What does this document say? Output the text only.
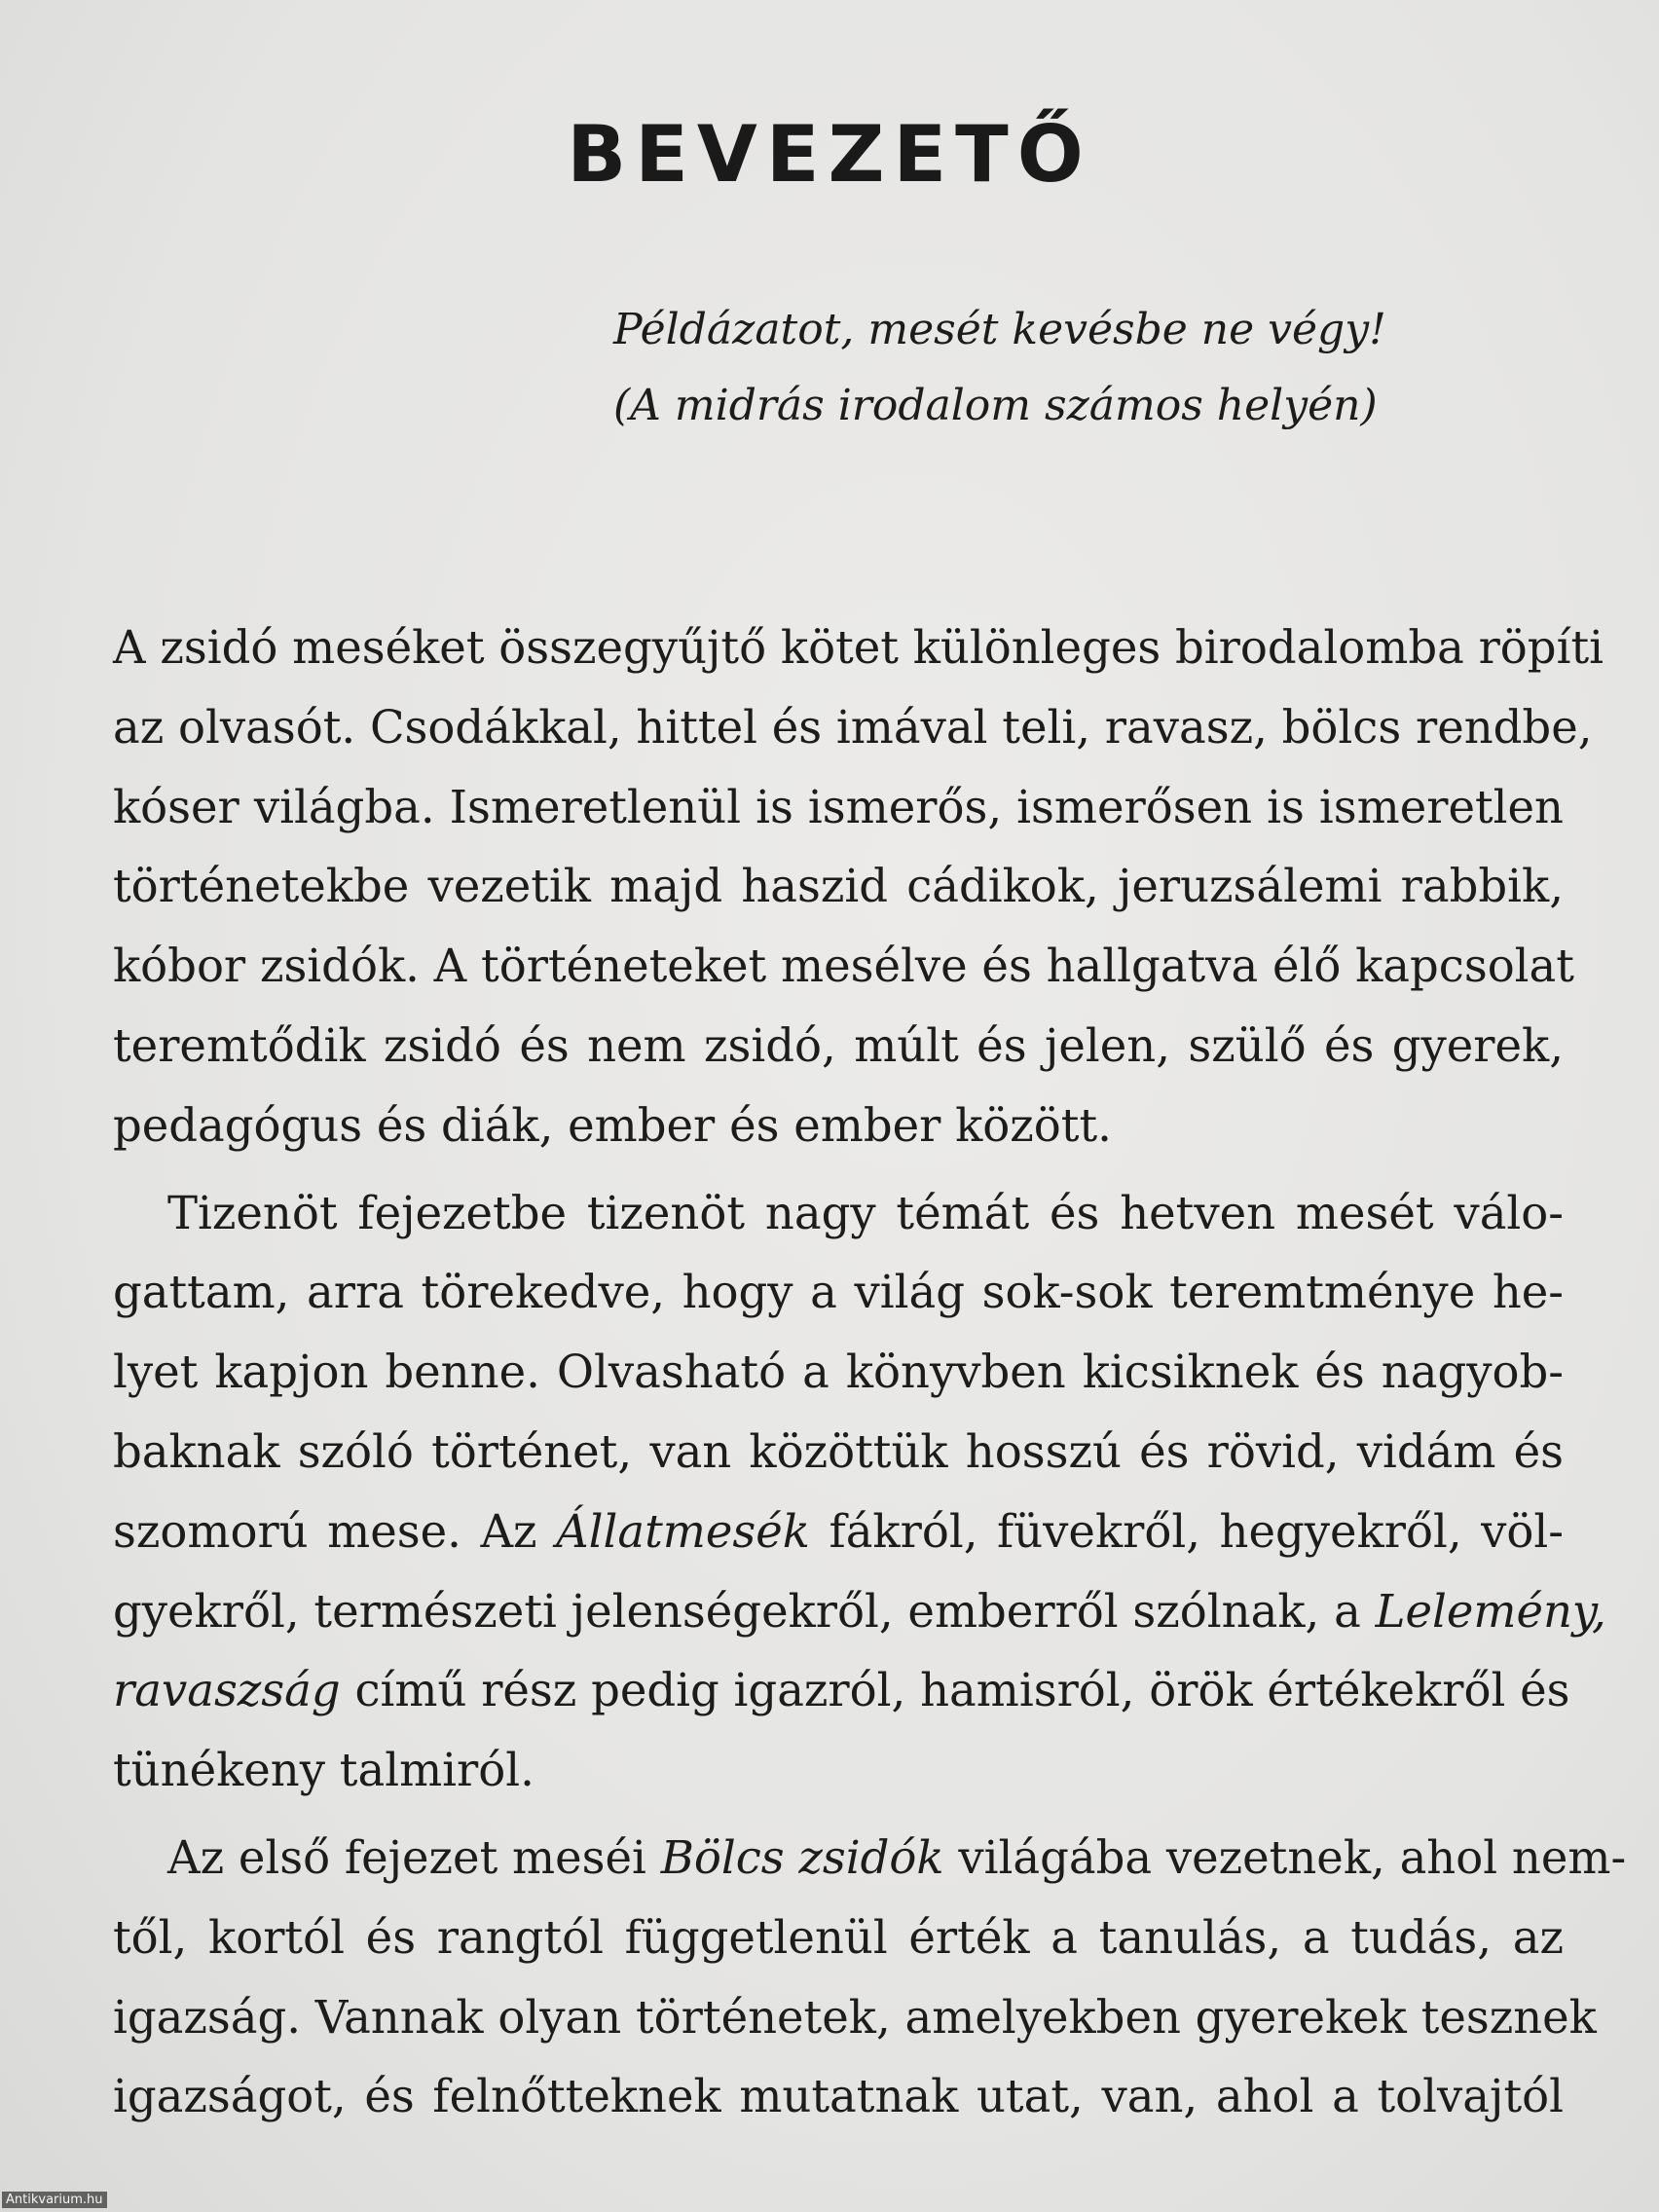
BEVEZETŐ
Példázatot, mesét kevésbe ne végy!
(A midrás irodalom számos helyén)
A zsidó meséket összegyűjtő kötet különleges birodalomba röpíti
az olvasót. Csodákkal, hittel és imával teli, ravasz, bölcs rendbe,
kóser világba. Ismeretlenül is ismerős, ismerősen is ismeretlen
történetekbe vezetik majd haszid cádikok, jeruzsálemi rabbik,
kóbor zsidók. A történeteket mesélve és hallgatva élő kapcsolat
teremtődik zsidó és nem zsidó, múlt és jelen, szülő és gyerek,
pedagógus és diák, ember és ember között.
Tizenöt fejezetbe tizenöt nagy témát és hetven mesét válo-
gattam, arra törekedve, hogy a világ sok-sok teremtménye he-
lyet kapjon benne. Olvasható a könyvben kicsiknek és nagyob-
baknak szóló történet, van közöttük hosszú és rövid, vidám és
szomorú mese. Az Állatmesék fákról, füvekről, hegyekről, völ-
gyekről, természeti jelenségekről, emberről szólnak, a Lelemény,
ravaszság című rész pedig igazról, hamisról, örök értékekről és
tünékeny talmiról.
Az első fejezet meséi Bölcs zsidók világába vezetnek, ahol nem-
től, kortól és rangtól függetlenül érték a tanulás, a tudás, az
igazság. Vannak olyan történetek, amelyekben gyerekek tesznek
igazságot, és felnőtteknek mutatnak utat, van, ahol a tolvajtól
Antikvarium.hu
